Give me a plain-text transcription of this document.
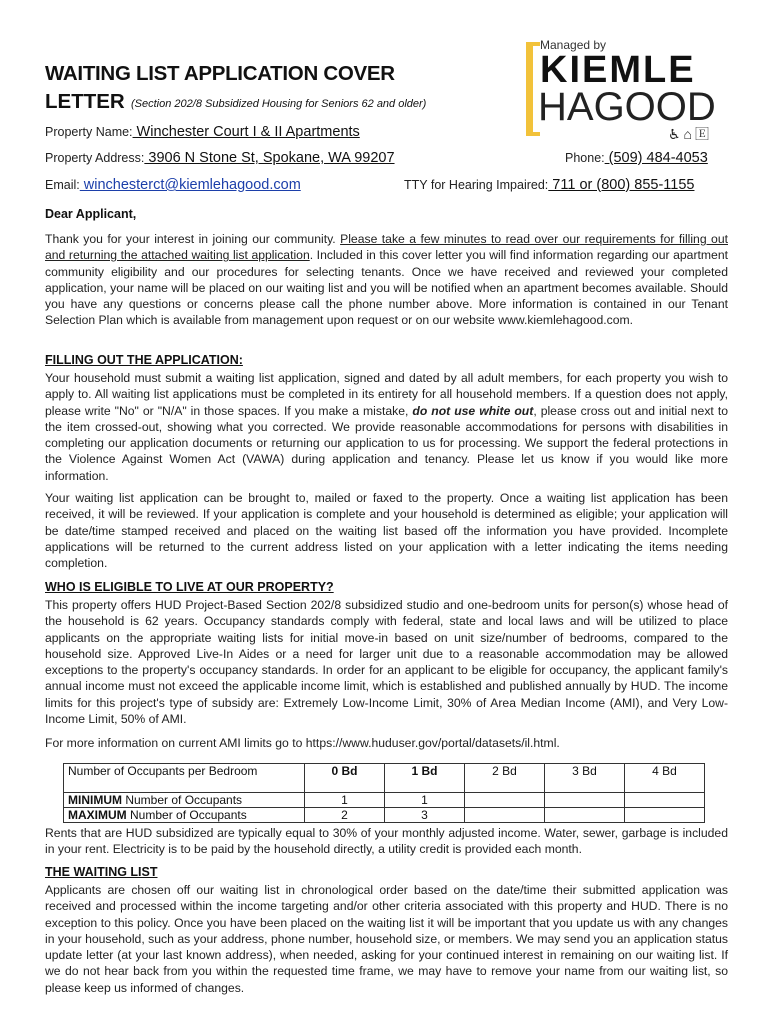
WAITING LIST APPLICATION COVER
LETTER (Section 202/8 Subsidized Housing for Seniors 62 and older)
Managed by
KIEMLE
HAGOOD
♿⌂🄴
Property Name: Winchester Court I & II Apartments
Property Address: 3906 N Stone St, Spokane, WA 99207	Phone: (509) 484-4053
Email: winchesterct@kiemlehagood.com	TTY for Hearing Impaired: 711 or (800) 855-1155
Dear Applicant,

Thank you for your interest in joining our community. Please take a few minutes to read over our requirements for filling out and returning the attached waiting list application. Included in this cover letter you will find information regarding our apartment community eligibility and our procedures for selecting tenants. Once we have received and reviewed your completed application, your name will be placed on our waiting list and you will be notified when an apartment becomes available. Should you have any questions or concerns please call the phone number above. More information is contained in our Tenant Selection Plan which is available from management upon request or on our website www.kiemlehagood.com.

FILLING OUT THE APPLICATION:

Your household must submit a waiting list application, signed and dated by all adult members, for each property you wish to apply to. All waiting list applications must be completed in its entirety for all household members. If a question does not apply, please write "No" or "N/A" in those spaces. If you make a mistake, do not use white out, please cross out and initial next to the item crossed-out, showing what you corrected. We provide reasonable accommodations for persons with disabilities in completing our application documents or returning our application to us for processing. We support the federal protections in the Violence Against Women Act (VAWA) during application and tenancy. Please let us know if you would like more information.

Your waiting list application can be brought to, mailed or faxed to the property. Once a waiting list application has been received, it will be reviewed. If your application is complete and your household is determined as eligible; your application will be date/time stamped received and placed on the waiting list based off the information you have provided. Incomplete applications will be returned to the current address listed on your application with a letter indicating the items needing completion.

WHO IS ELIGIBLE TO LIVE AT OUR PROPERTY?

This property offers HUD Project-Based Section 202/8 subsidized studio and one-bedroom units for person(s) whose head of the household is 62 years. Occupancy standards comply with federal, state and local laws and will be utilized to place applicants on the appropriate waiting lists for initial move-in based on unit size/number of bedrooms, compared to the household size. Approved Live-In Aides or a need for larger unit due to a reasonable accommodation may be allowed exceptions to the property's occupancy standards. In order for an applicant to be eligible for occupancy, the applicant family's annual income must not exceed the applicable income limit, which is established and published annually by HUD. The income limits for this project's type of subsidy are: Extremely Low-Income Limit, 30% of Area Median Income (AMI), and Very Low-Income Limit, 50% of AMI.

For more information on current AMI limits go to https://www.huduser.gov/portal/datasets/il.html.

Number of Occupants per Bedroom	0 Bd	1 Bd	2 Bd	3 Bd	4 Bd
MINIMUM Number of Occupants	1	1			
MAXIMUM Number of Occupants	2	3			

Rents that are HUD subsidized are typically equal to 30% of your monthly adjusted income. Water, sewer, garbage is included in your rent. Electricity is to be paid by the household directly, a utility credit is provided each month.

THE WAITING LIST

Applicants are chosen off our waiting list in chronological order based on the date/time their submitted application was received and processed within the income targeting and/or other criteria associated with this property and HUD. There is no exception to this policy. Once you have been placed on the waiting list it will be important that you update us with any changes in your household, such as your address, phone number, household size, or members. We may send you an application status update letter (at your last known address), when needed, asking for your continued interest in remaining on our waiting list. If we do not hear back from you within the requested time frame, we may have to remove your name from our waiting list, so please keep us informed of changes.
